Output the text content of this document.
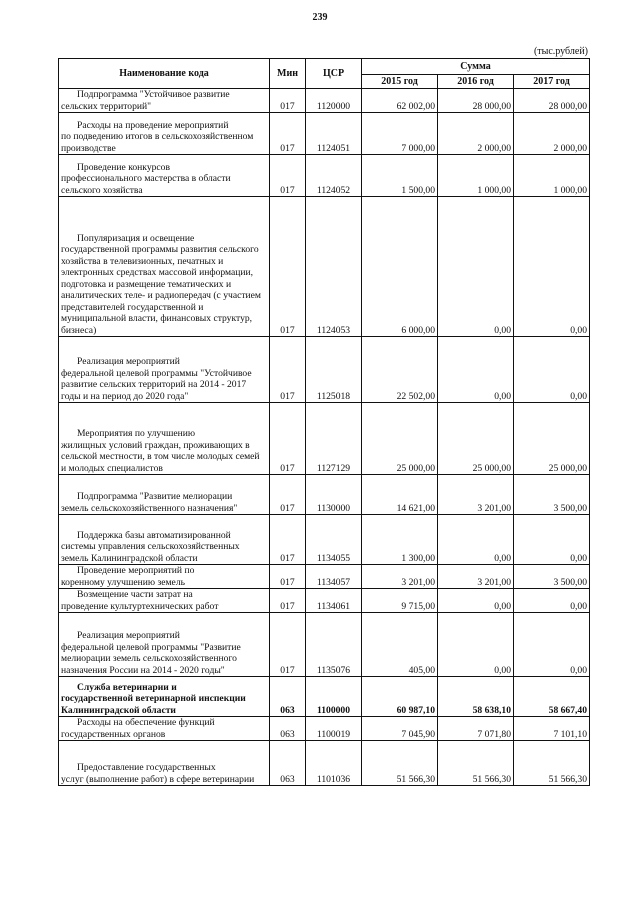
239
(тыс.рублей)
Наименование кода	Мин	ЦСР	Сумма		
			2015 год	2016 год	2017 год

Подпрограмма "Устойчивое развитие
сельских территорий"	017	1120000	62 002,00	28 000,00	28 000,00

Расходы на проведение мероприятий
по подведению итогов в сельскохозяйственном производстве	017	1124051	7 000,00	2 000,00	2 000,00

Проведение конкурсов
профессионального мастерства в области сельского хозяйства	017	1124052	1 500,00	1 000,00	1 000,00

Популяризация и освещение
государственной программы развития сельского хозяйства в телевизионных, печатных и электронных средствах массовой информации, подготовка и размещение тематических и аналитических теле- и радиопередач (с участием представителей государственной и муниципальной власти, финансовых структур, бизнеса)	017	1124053	6 000,00	0,00	0,00

Реализация мероприятий
федеральной целевой программы "Устойчивое развитие сельских территорий на 2014 - 2017 годы и на период до 2020 года"	017	1125018	22 502,00	0,00	0,00

Мероприятия по улучшению
жилищных условий граждан, проживающих в сельской местности, в том числе молодых семей и молодых специалистов	017	1127129	25 000,00	25 000,00	25 000,00

Подпрограмма "Развитие мелиорации
земель сельскохозяйственного назначения"	017	1130000	14 621,00	3 201,00	3 500,00

Поддержка базы автоматизированной
системы управления сельскохозяйственных земель Калининградской области	017	1134055	1 300,00	0,00	0,00

Проведение мероприятий по
коренному улучшению земель	017	1134057	3 201,00	3 201,00	3 500,00

Возмещение части затрат на
проведение культуртехнических работ	017	1134061	9 715,00	0,00	0,00

Реализация мероприятий
федеральной целевой программы "Развитие мелиорации земель сельскохозяйственного назначения России на 2014 - 2020 годы"	017	1135076	405,00	0,00	0,00

Служба ветеринарии и
государственной ветеринарной инспекции Калининградской области	063	1100000	60 987,10	58 638,10	58 667,40

Расходы на обеспечение функций
государственных органов	063	1100019	7 045,90	7 071,80	7 101,10

Предоставление государственных
услуг (выполнение работ) в сфере ветеринарии	063	1101036	51 566,30	51 566,30	51 566,30
